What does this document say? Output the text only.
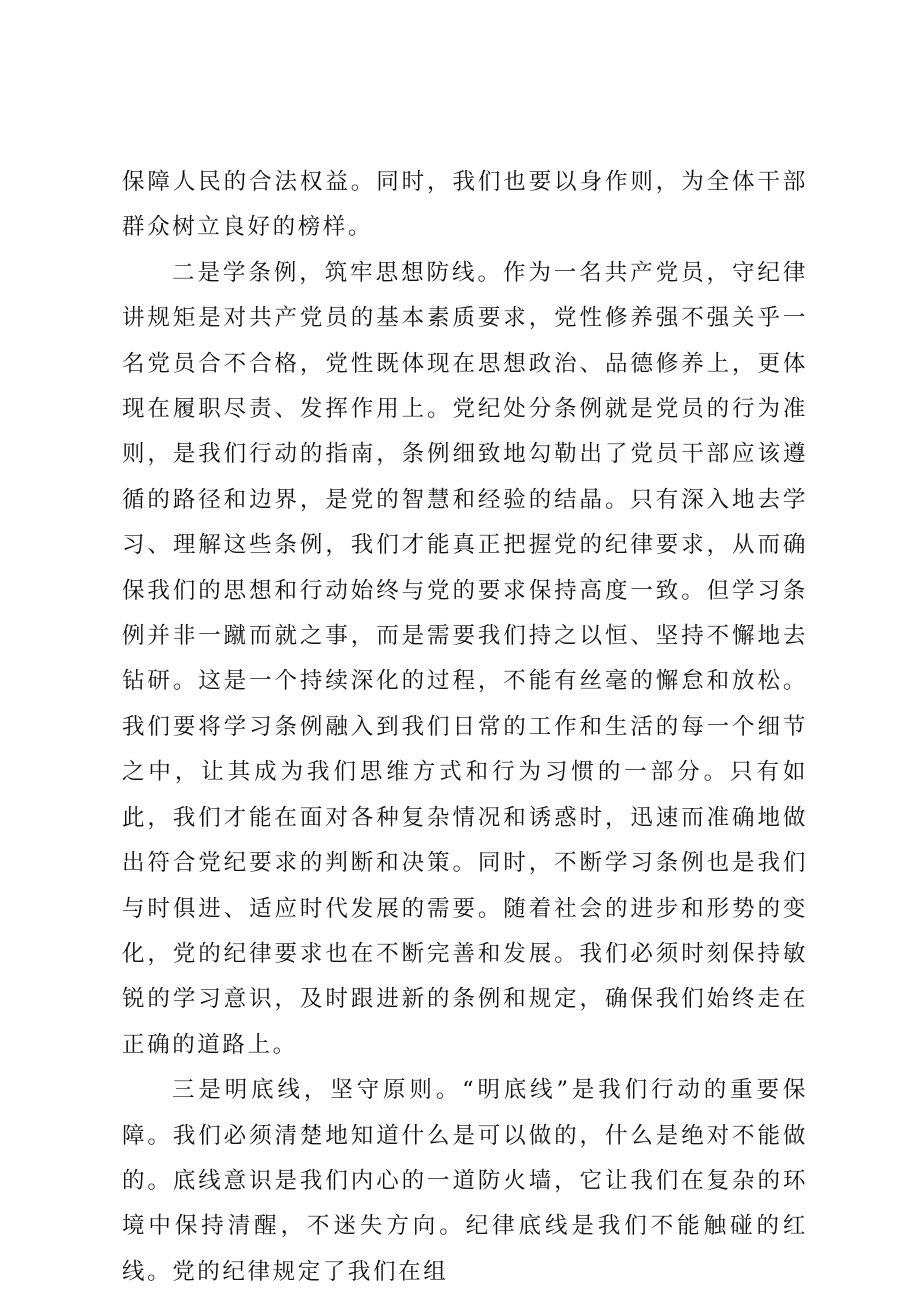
保障人民的合法权益。同时，我们也要以身作则，为全体干部群众树立良好的榜样。

二是学条例，筑牢思想防线。作为一名共产党员，守纪律讲规矩是对共产党员的基本素质要求，党性修养强不强关乎一名党员合不合格，党性既体现在思想政治、品德修养上，更体现在履职尽责、发挥作用上。党纪处分条例就是党员的行为准则，是我们行动的指南，条例细致地勾勒出了党员干部应该遵循的路径和边界，是党的智慧和经验的结晶。只有深入地去学习、理解这些条例，我们才能真正把握党的纪律要求，从而确保我们的思想和行动始终与党的要求保持高度一致。但学习条例并非一蹴而就之事，而是需要我们持之以恒、坚持不懈地去钻研。这是一个持续深化的过程，不能有丝毫的懈怠和放松。我们要将学习条例融入到我们日常的工作和生活的每一个细节之中，让其成为我们思维方式和行为习惯的一部分。只有如此，我们才能在面对各种复杂情况和诱惑时，迅速而准确地做出符合党纪要求的判断和决策。同时，不断学习条例也是我们与时俱进、适应时代发展的需要。随着社会的进步和形势的变化，党的纪律要求也在不断完善和发展。我们必须时刻保持敏锐的学习意识，及时跟进新的条例和规定，确保我们始终走在正确的道路上。

三是明底线，坚守原则。“明底线”是我们行动的重要保障。我们必须清楚地知道什么是可以做的，什么是绝对不能做的。底线意识是我们内心的一道防火墙，它让我们在复杂的环境中保持清醒，不迷失方向。纪律底线是我们不能触碰的红线。党的纪律规定了我们在组
